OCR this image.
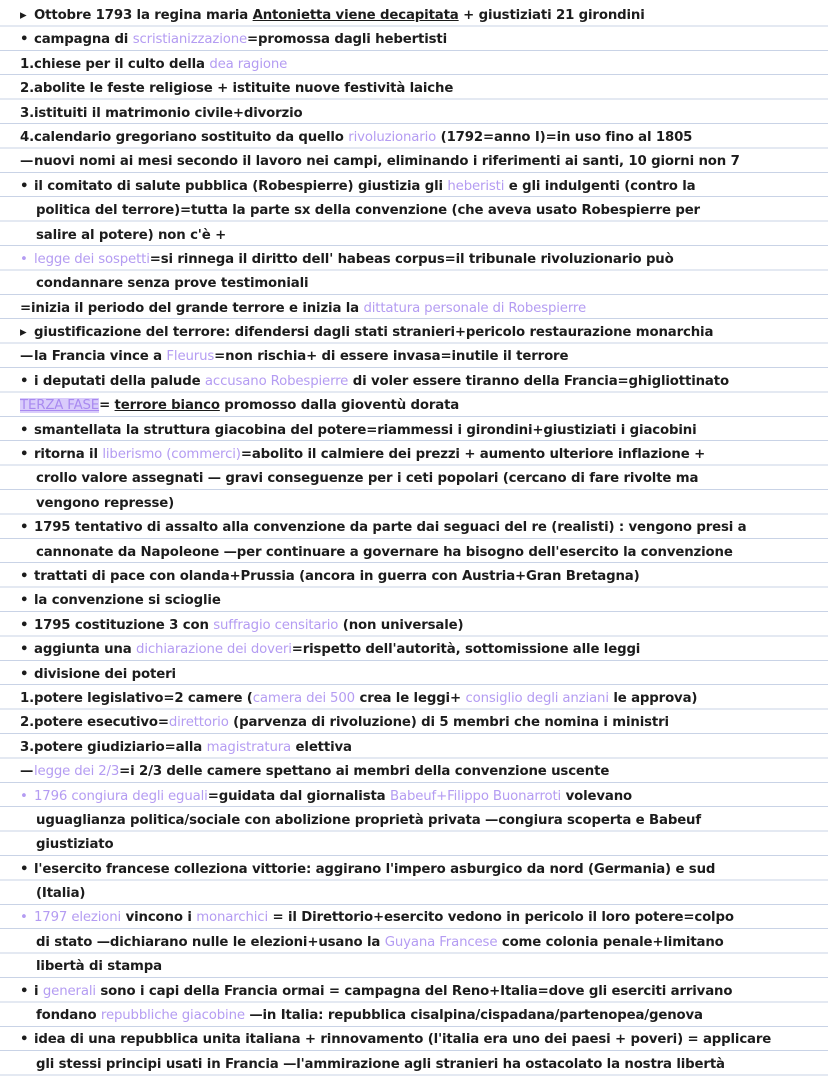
▸ Ottobre 1793 la regina maria Antonietta viene decapitata + giustiziati 21 girondini
• campagna di scristianizzazione=promossa dagli hebertisti
1.chiese per il culto della dea ragione
2.abolite le feste religiose + istituite nuove festività laiche
3.istituiti il matrimonio civile+divorzio
4.calendario gregoriano sostituito da quello rivoluzionario (1792=anno I)=in uso fino al 1805
—nuovi nomi ai mesi secondo il lavoro nei campi, eliminando i riferimenti ai santi, 10 giorni non 7
• il comitato di salute pubblica (Robespierre) giustizia gli heberisti e gli indulgenti (contro la
politica del terrore)=tutta la parte sx della convenzione (che aveva usato Robespierre per
salire al potere) non c'è +
• legge dei sospetti=si rinnega il diritto dell' habeas corpus=il tribunale rivoluzionario può
condannare senza prove testimoniali
=inizia il periodo del grande terrore e inizia la dittatura personale di Robespierre
▸ giustificazione del terrore: difendersi dagli stati stranieri+pericolo restaurazione monarchia
—la Francia vince a Fleurus=non rischia+ di essere invasa=inutile il terrore
• i deputati della palude accusano Robespierre di voler essere tiranno della Francia=ghigliottinato
TERZA FASE= terrore bianco promosso dalla gioventù dorata
• smantellata la struttura giacobina del potere=riammessi i girondini+giustiziati i giacobini
• ritorna il liberismo (commerci)=abolito il calmiere dei prezzi + aumento ulteriore inflazione +
crollo valore assegnati — gravi conseguenze per i ceti popolari (cercano di fare rivolte ma
vengono represse)
• 1795 tentativo di assalto alla convenzione da parte dai seguaci del re (realisti) : vengono presi a
cannonate da Napoleone —per continuare a governare ha bisogno dell'esercito la convenzione
• trattati di pace con olanda+Prussia (ancora in guerra con Austria+Gran Bretagna)
• la convenzione si scioglie
• 1795 costituzione 3 con suffragio censitario (non universale)
• aggiunta una dichiarazione dei doveri=rispetto dell'autorità, sottomissione alle leggi
• divisione dei poteri
1.potere legislativo=2 camere (camera dei 500 crea le leggi+ consiglio degli anziani le approva)
2.potere esecutivo=direttorio (parvenza di rivoluzione) di 5 membri che nomina i ministri
3.potere giudiziario=alla magistratura elettiva
—legge dei 2/3=i 2/3 delle camere spettano ai membri della convenzione uscente
• 1796 congiura degli eguali=guidata dal giornalista Babeuf+Filippo Buonarroti volevano
uguaglianza politica/sociale con abolizione proprietà privata —congiura scoperta e Babeuf
giustiziato
• l'esercito francese colleziona vittorie: aggirano l'impero asburgico da nord (Germania) e sud
(Italia)
• 1797 elezioni vincono i monarchici = il Direttorio+esercito vedono in pericolo il loro potere=colpo
di stato —dichiarano nulle le elezioni+usano la Guyana Francese come colonia penale+limitano
libertà di stampa
• i generali sono i capi della Francia ormai = campagna del Reno+Italia=dove gli eserciti arrivano
fondano repubbliche giacobine —in Italia: repubblica cisalpina/cispadana/partenopea/genova
• idea di una repubblica unita italiana + rinnovamento (l'italia era uno dei paesi + poveri) = applicare
gli stessi principi usati in Francia —l'ammirazione agli stranieri ha ostacolato la nostra libertà
